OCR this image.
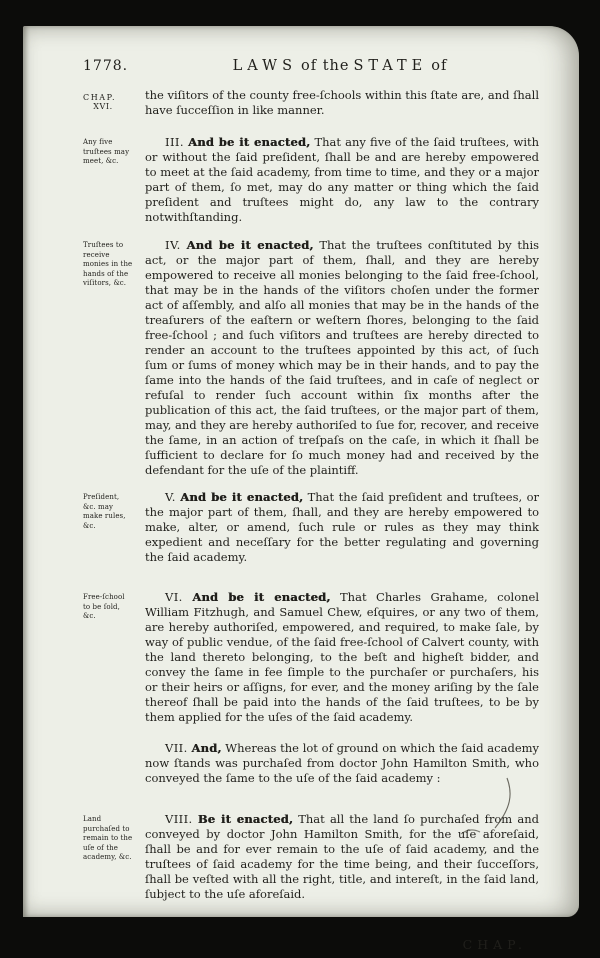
1778.	LAWS of the STATE of
CHAP.
XVI.

the viſitors of the county free-ſchools within this ſtate are, and ſhall have ſucceſſion in like manner.

Any five truſtees may meet, &c.

III. And be it enacted, That any five of the ſaid truſtees, with or without the ſaid preſident, ſhall be and are hereby empowered to meet at the ſaid academy, from time to time, and they or a major part of them, ſo met, may do any matter or thing which the ſaid preſident and truſtees might do, any law to the contrary notwithſtanding.

Truſtees to receive monies in the hands of the viſitors, &c.

IV. And be it enacted, That the truſtees conſtituted by this act, or the major part of them, ſhall, and they are hereby empowered to receive all monies belonging to the ſaid free-ſchool, that may be in the hands of the viſitors choſen under the former act of aſſembly, and alſo all monies that may be in the hands of the treaſurers of the eaſtern or weſtern ſhores, belonging to the ſaid free-ſchool ; and ſuch viſitors and truſtees are hereby directed to render an account to the truſtees appointed by this act, of ſuch ſum or ſums of money which may be in their hands, and to pay the ſame into the hands of the ſaid truſtees, and in caſe of neglect or refuſal to render ſuch account within ſix months after the publication of this act, the ſaid truſtees, or the major part of them, may, and they are hereby authoriſed to ſue for, recover, and receive the ſame, in an action of treſpaſs on the caſe, in which it ſhall be ſufficient to declare for ſo much money had and received by the defendant for the uſe of the plaintiff.

Preſident, &c. may make rules, &c.

V. And be it enacted, That the ſaid preſident and truſtees, or the major part of them, ſhall, and they are hereby empowered to make, alter, or amend, ſuch rule or rules as they may think expedient and neceſſary for the better regulating and governing the ſaid academy.

Free-ſchool to be ſold, &c.

VI. And be it enacted, That Charles Grahame, colonel William Fitzhugh, and Samuel Chew, eſquires, or any two of them, are hereby authoriſed, empowered, and required, to make ſale, by way of public vendue, of the ſaid free-ſchool of Calvert county, with the land thereto belonging, to the beſt and higheſt bidder, and convey the ſame in fee ſimple to the purchaſer or purchaſers, his or their heirs or aſſigns, for ever, and the money ariſing by the ſale thereof ſhall be paid into the hands of the ſaid truſtees, to be by them applied for the uſes of the ſaid academy.

VII. And, Whereas the lot of ground on which the ſaid academy now ſtands was purchaſed from doctor John Hamilton Smith, who conveyed the ſame to the uſe of the ſaid academy :

Land purchaſed to remain to the uſe of the academy, &c.

VIII. Be it enacted, That all the land ſo purchaſed from and conveyed by doctor John Hamilton Smith, for the uſe aforeſaid, ſhall be and for ever remain to the uſe of ſaid academy, and the truſtees of ſaid academy for the time being, and their ſucceſſors, ſhall be veſted with all the right, title, and intereſt, in the ſaid land, ſubject to the uſe aforeſaid.

CHAP.
